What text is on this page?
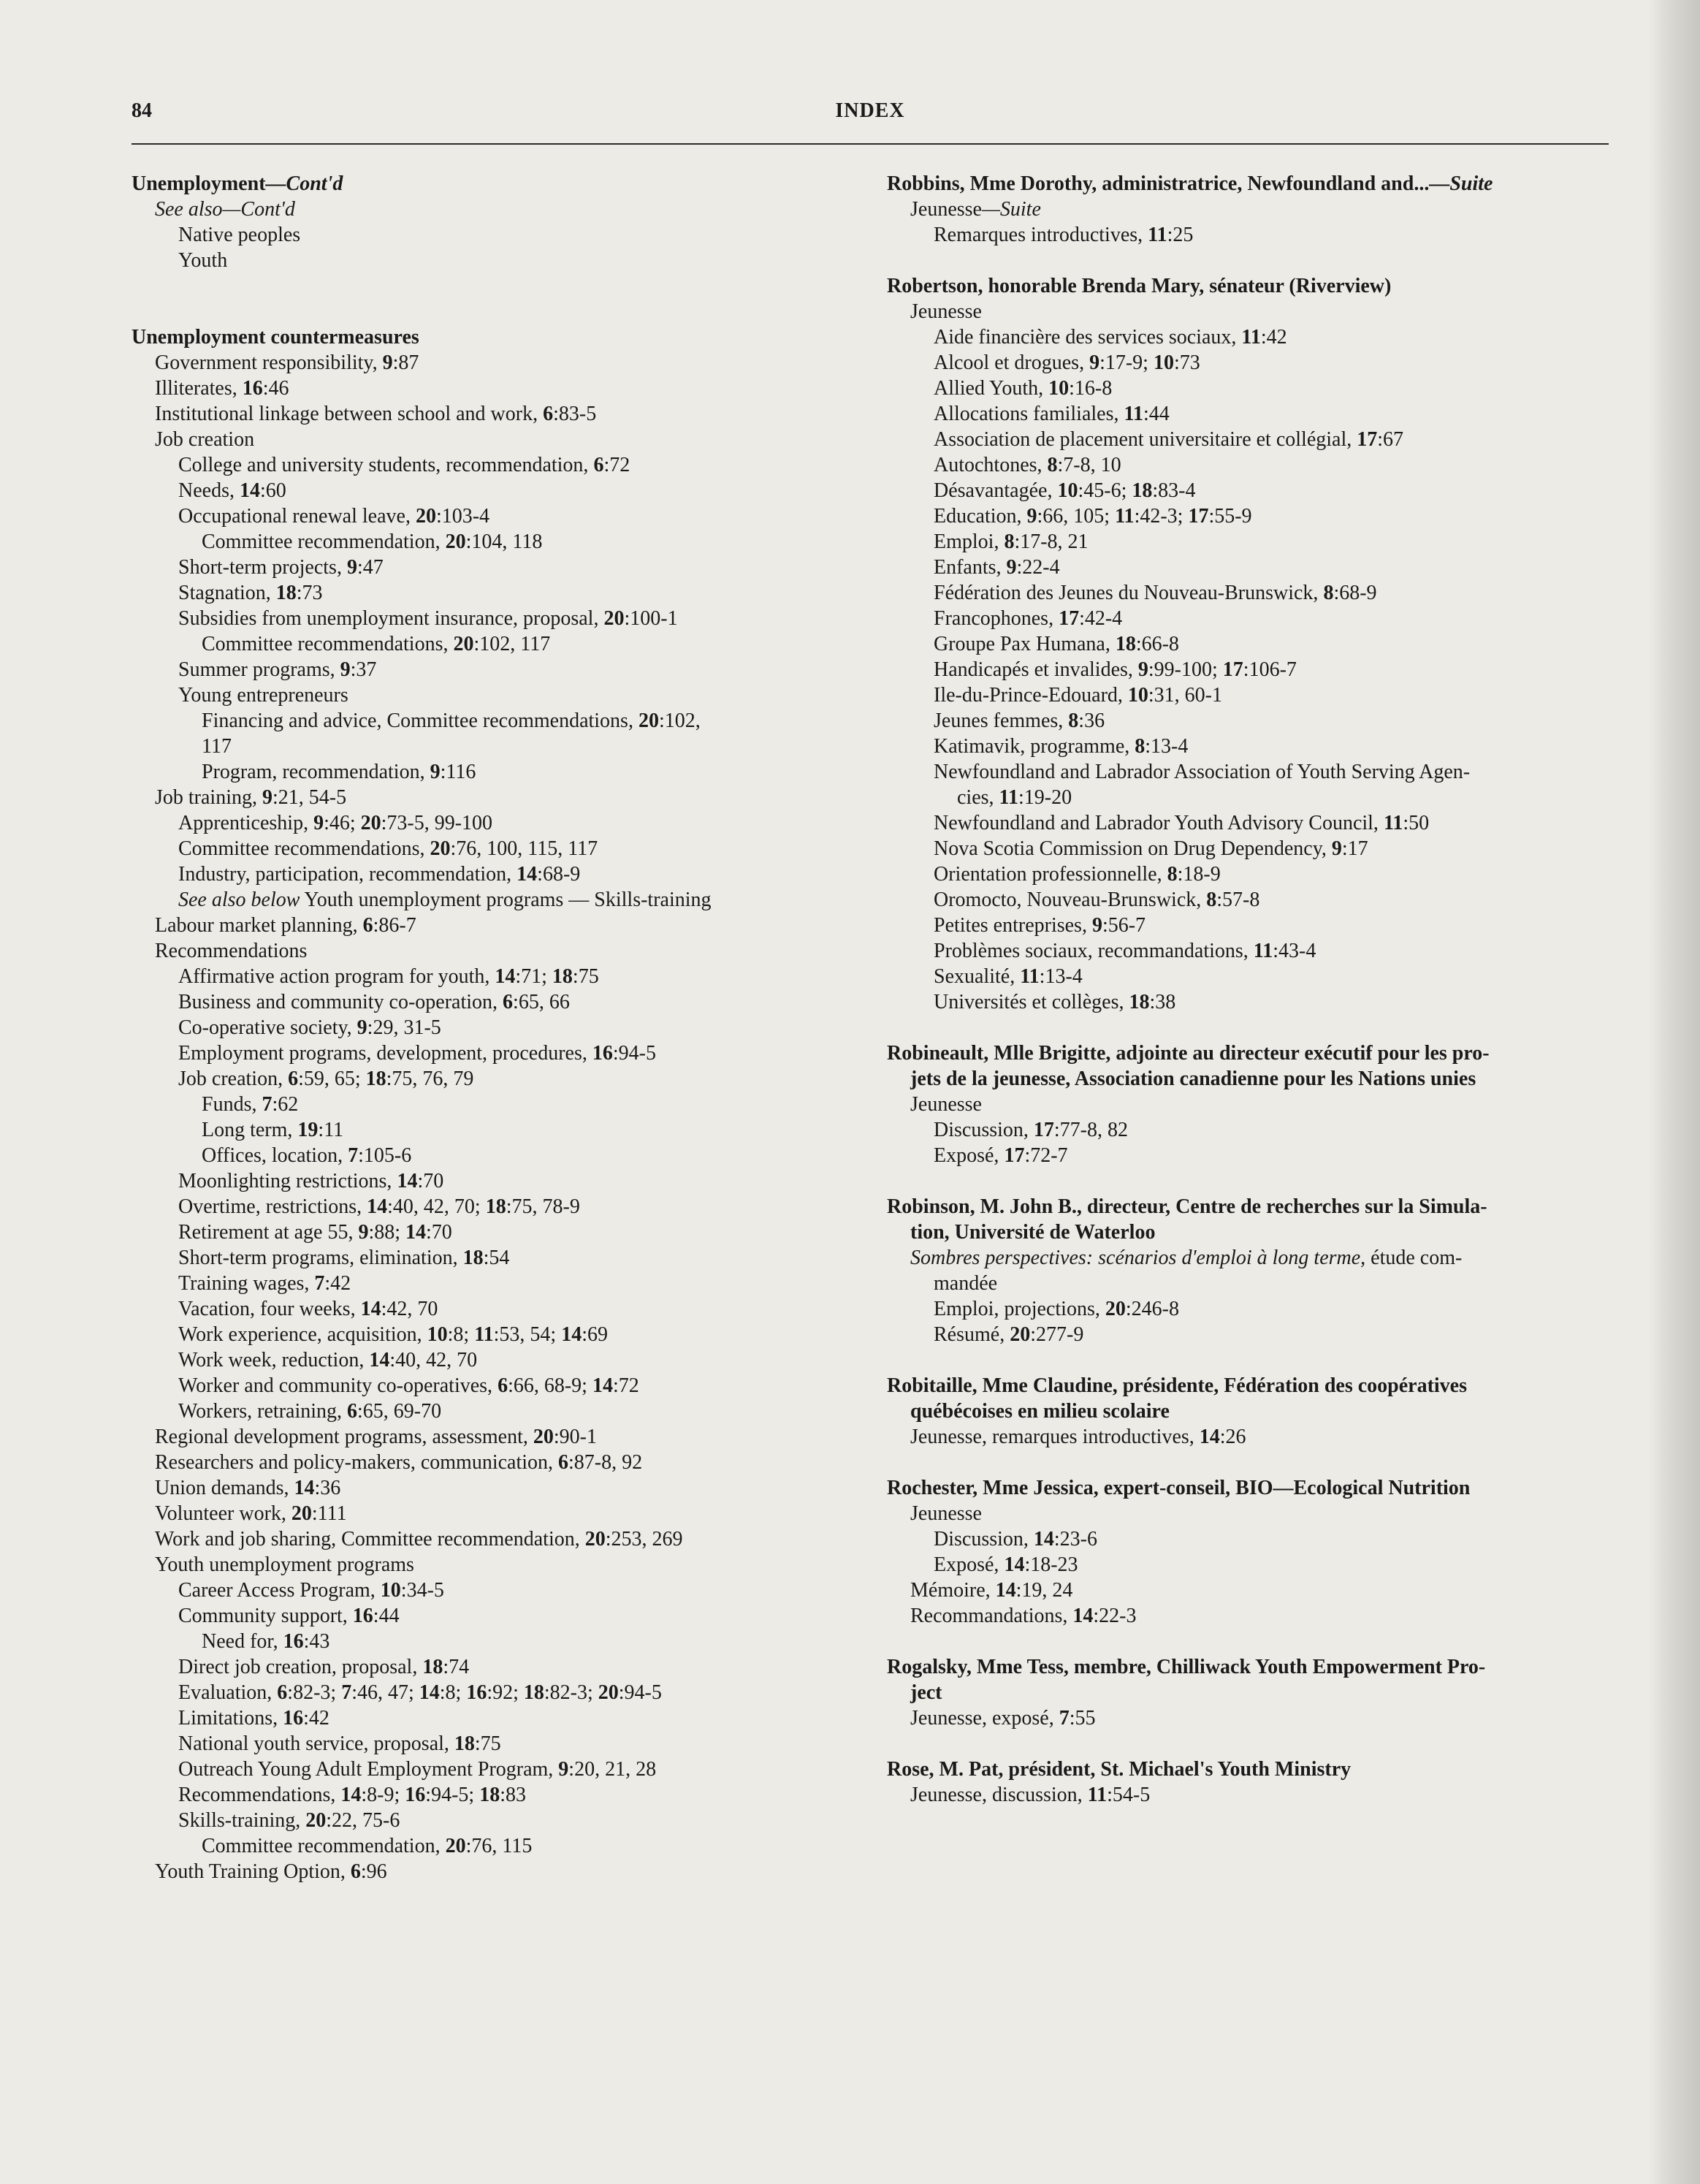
84	INDEX
Unemployment—Cont'd
See also—Cont'd
Native peoples
Youth
Unemployment countermeasures
Government responsibility, 9:87
Illiterates, 16:46
Institutional linkage between school and work, 6:83-5
Job creation
College and university students, recommendation, 6:72
Needs, 14:60
Occupational renewal leave, 20:103-4
Committee recommendation, 20:104, 118
Short-term projects, 9:47
Stagnation, 18:73
Subsidies from unemployment insurance, proposal, 20:100-1
Committee recommendations, 20:102, 117
Summer programs, 9:37
Young entrepreneurs
Financing and advice, Committee recommendations, 20:102,
117
Program, recommendation, 9:116
Job training, 9:21, 54-5
Apprenticeship, 9:46; 20:73-5, 99-100
Committee recommendations, 20:76, 100, 115, 117
Industry, participation, recommendation, 14:68-9
See also below Youth unemployment programs — Skills-training
Labour market planning, 6:86-7
Recommendations
Affirmative action program for youth, 14:71; 18:75
Business and community co-operation, 6:65, 66
Co-operative society, 9:29, 31-5
Employment programs, development, procedures, 16:94-5
Job creation, 6:59, 65; 18:75, 76, 79
Funds, 7:62
Long term, 19:11
Offices, location, 7:105-6
Moonlighting restrictions, 14:70
Overtime, restrictions, 14:40, 42, 70; 18:75, 78-9
Retirement at age 55, 9:88; 14:70
Short-term programs, elimination, 18:54
Training wages, 7:42
Vacation, four weeks, 14:42, 70
Work experience, acquisition, 10:8; 11:53, 54; 14:69
Work week, reduction, 14:40, 42, 70
Worker and community co-operatives, 6:66, 68-9; 14:72
Workers, retraining, 6:65, 69-70
Regional development programs, assessment, 20:90-1
Researchers and policy-makers, communication, 6:87-8, 92
Union demands, 14:36
Volunteer work, 20:111
Work and job sharing, Committee recommendation, 20:253, 269
Youth unemployment programs
Career Access Program, 10:34-5
Community support, 16:44
Need for, 16:43
Direct job creation, proposal, 18:74
Evaluation, 6:82-3; 7:46, 47; 14:8; 16:92; 18:82-3; 20:94-5
Limitations, 16:42
National youth service, proposal, 18:75
Outreach Young Adult Employment Program, 9:20, 21, 28
Recommendations, 14:8-9; 16:94-5; 18:83
Skills-training, 20:22, 75-6
Committee recommendation, 20:76, 115
Youth Training Option, 6:96
Robbins, Mme Dorothy, administratrice, Newfoundland and...—Suite
Jeunesse—Suite
Remarques introductives, 11:25
Robertson, honorable Brenda Mary, sénateur (Riverview)
Jeunesse
Aide financière des services sociaux, 11:42
Alcool et drogues, 9:17-9; 10:73
Allied Youth, 10:16-8
Allocations familiales, 11:44
Association de placement universitaire et collégial, 17:67
Autochtones, 8:7-8, 10
Désavantagée, 10:45-6; 18:83-4
Education, 9:66, 105; 11:42-3; 17:55-9
Emploi, 8:17-8, 21
Enfants, 9:22-4
Fédération des Jeunes du Nouveau-Brunswick, 8:68-9
Francophones, 17:42-4
Groupe Pax Humana, 18:66-8
Handicapés et invalides, 9:99-100; 17:106-7
Ile-du-Prince-Edouard, 10:31, 60-1
Jeunes femmes, 8:36
Katimavik, programme, 8:13-4
Newfoundland and Labrador Association of Youth Serving Agen-
cies, 11:19-20
Newfoundland and Labrador Youth Advisory Council, 11:50
Nova Scotia Commission on Drug Dependency, 9:17
Orientation professionnelle, 8:18-9
Oromocto, Nouveau-Brunswick, 8:57-8
Petites entreprises, 9:56-7
Problèmes sociaux, recommandations, 11:43-4
Sexualité, 11:13-4
Universités et collèges, 18:38
Robineault, Mlle Brigitte, adjointe au directeur exécutif pour les pro-
jets de la jeunesse, Association canadienne pour les Nations unies
Jeunesse
Discussion, 17:77-8, 82
Exposé, 17:72-7
Robinson, M. John B., directeur, Centre de recherches sur la Simula-
tion, Université de Waterloo
Sombres perspectives: scénarios d'emploi à long terme, étude com-
mandée
Emploi, projections, 20:246-8
Résumé, 20:277-9
Robitaille, Mme Claudine, présidente, Fédération des coopératives
québécoises en milieu scolaire
Jeunesse, remarques introductives, 14:26
Rochester, Mme Jessica, expert-conseil, BIO—Ecological Nutrition
Jeunesse
Discussion, 14:23-6
Exposé, 14:18-23
Mémoire, 14:19, 24
Recommandations, 14:22-3
Rogalsky, Mme Tess, membre, Chilliwack Youth Empowerment Pro-
ject
Jeunesse, exposé, 7:55
Rose, M. Pat, président, St. Michael's Youth Ministry
Jeunesse, discussion, 11:54-5
